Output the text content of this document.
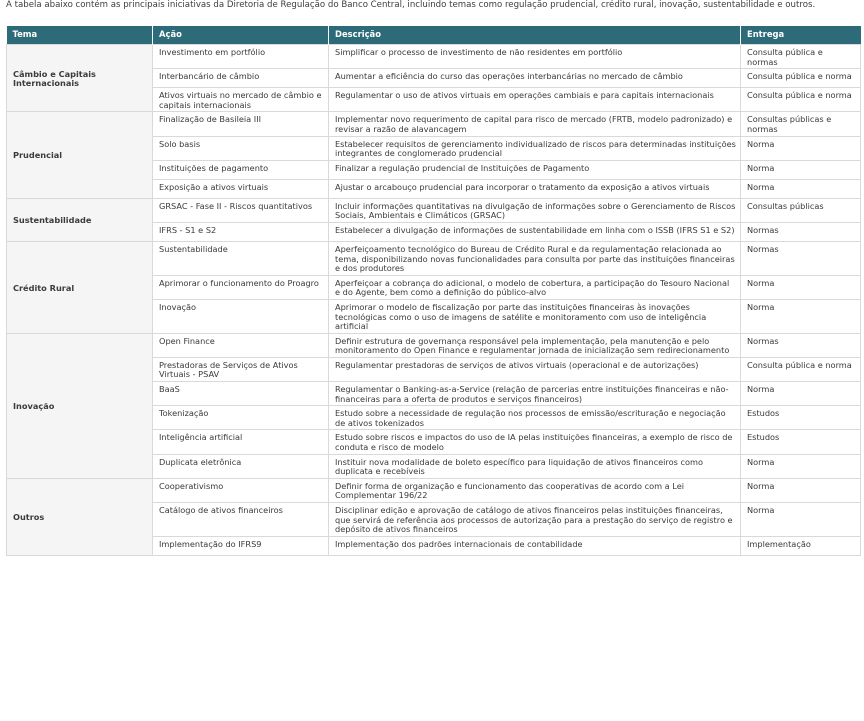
A tabela abaixo contém as principais iniciativas da Diretoria de Regulação do Banco Central, incluindo temas como regulação prudencial, crédito rural, inovação, sustentabilidade e outros.
Tema	Ação	Descrição	Entrega
Câmbio e Capitais Internacionais	Investimento em portfólio	Simplificar o processo de investimento de não residentes em portfólio	Consulta pública e normas
	Interbancário de câmbio	Aumentar a eficiência do curso das operações interbancárias no mercado de câmbio	Consulta pública e norma
	Ativos virtuais no mercado de câmbio e capitais internacionais	Regulamentar o uso de ativos virtuais em operações cambiais e para capitais internacionais	Consulta pública e norma
Prudencial	Finalização de Basileia III	Implementar novo requerimento de capital para risco de mercado (FRTB, modelo padronizado) e revisar a razão de alavancagem	Consultas públicas e normas
	Solo basis	Estabelecer requisitos de gerenciamento individualizado de riscos para determinadas instituições integrantes de conglomerado prudencial	Norma
	Instituições de pagamento	Finalizar a regulação prudencial de Instituições de Pagamento	Norma
	Exposição a ativos virtuais	Ajustar o arcabouço prudencial para incorporar o tratamento da exposição a ativos virtuais	Norma
Sustentabilidade	GRSAC - Fase II - Riscos quantitativos	Incluir informações quantitativas na divulgação de informações sobre o Gerenciamento de Riscos Sociais, Ambientais e Climáticos (GRSAC)	Consultas públicas
	IFRS - S1 e S2	Estabelecer a divulgação de informações de sustentabilidade em linha com o ISSB (IFRS S1 e S2)	Normas
Crédito Rural	Sustentabilidade	Aperfeiçoamento tecnológico do Bureau de Crédito Rural e da regulamentação relacionada ao tema, disponibilizando novas funcionalidades para consulta por parte das instituições financeiras e dos produtores	Normas
	Aprimorar o funcionamento do Proagro	Aperfeiçoar a cobrança do adicional, o modelo de cobertura, a participação do Tesouro Nacional e do Agente, bem como a definição do público-alvo	Norma
	Inovação	Aprimorar o modelo de fiscalização por parte das instituições financeiras às inovações tecnológicas como o uso de imagens de satélite e monitoramento com uso de inteligência artificial	Norma
Inovação	Open Finance	Definir estrutura de governança responsável pela implementação, pela manutenção e pelo monitoramento do Open Finance e regulamentar jornada de inicialização sem redirecionamento	Normas
	Prestadoras de Serviços de Ativos Virtuais - PSAV	Regulamentar prestadoras de serviços de ativos virtuais (operacional e de autorizações)	Consulta pública e norma
	BaaS	Regulamentar o Banking-as-a-Service (relação de parcerias entre instituições financeiras e não-financeiras para a oferta de produtos e serviços financeiros)	Norma
	Tokenização	Estudo sobre a necessidade de regulação nos processos de emissão/escrituração e negociação de ativos tokenizados	Estudos
	Inteligência artificial	Estudo sobre riscos e impactos do uso de IA pelas instituições financeiras, a exemplo de risco de conduta e risco de modelo	Estudos
	Duplicata eletrônica	Instituir nova modalidade de boleto específico para liquidação de ativos financeiros como duplicata e recebíveis	Norma
Outros	Cooperativismo	Definir forma de organização e funcionamento das cooperativas de acordo com a Lei Complementar 196/22	Norma
	Catálogo de ativos financeiros	Disciplinar edição e aprovação de catálogo de ativos financeiros pelas instituições financeiras, que servirá de referência aos processos de autorização para a prestação do serviço de registro e depósito de ativos financeiros	Norma
	Implementação do IFRS9	Implementação dos padrões internacionais de contabilidade	Implementação
